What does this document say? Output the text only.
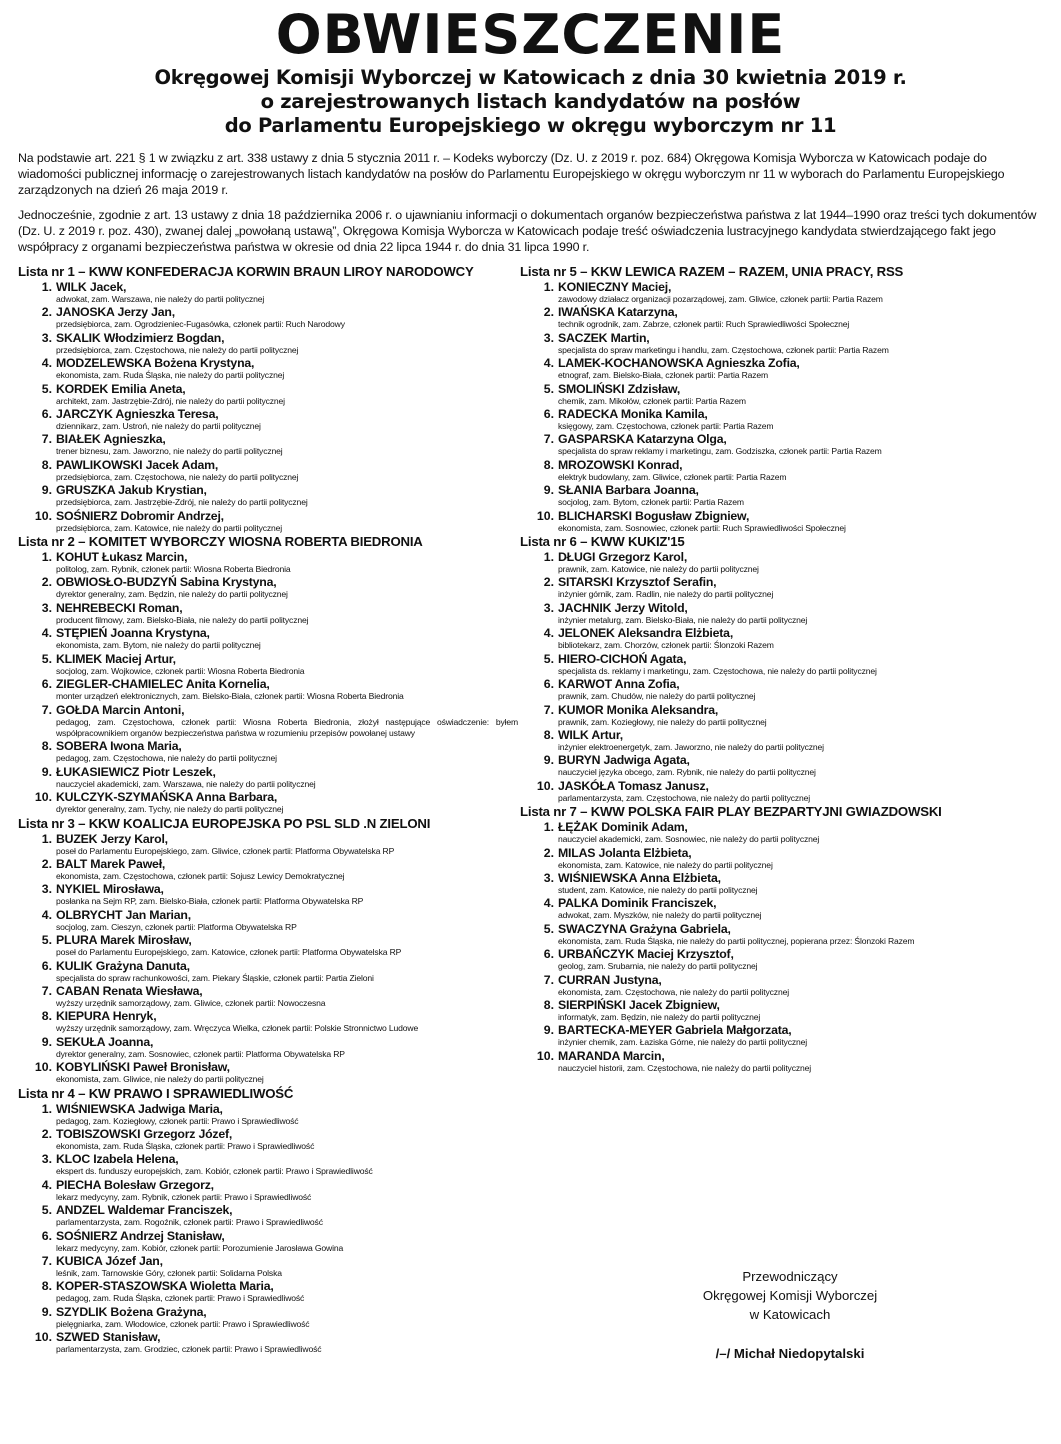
OBWIESZCZENIE
Okręgowej Komisji Wyborczej w Katowicach z dnia 30 kwietnia 2019 r.
o zarejestrowanych listach kandydatów na posłów
do Parlamentu Europejskiego w okręgu wyborczym nr 11
Na podstawie art. 221 § 1 w związku z art. 338 ustawy z dnia 5 stycznia 2011 r. – Kodeks wyborczy (Dz. U. z 2019 r. poz. 684) Okręgowa Komisja Wyborcza w Katowicach podaje do wiadomości publicznej informację o zarejestrowanych listach kandydatów na posłów do Parlamentu Europejskiego w okręgu wyborczym nr 11 w wyborach do Parlamentu Europejskiego zarządzonych na dzień 26 maja 2019 r.
Jednocześnie, zgodnie z art. 13 ustawy z dnia 18 października 2006 r. o ujawnianiu informacji o dokumentach organów bezpieczeństwa państwa z lat 1944–1990 oraz treści tych dokumentów (Dz. U. z 2019 r. poz. 430), zwanej dalej „powołaną ustawą”, Okręgowa Komisja Wyborcza w Katowicach podaje treść oświadczenia lustracyjnego kandydata stwierdzającego fakt jego współpracy z organami bezpieczeństwa państwa w okresie od dnia 22 lipca 1944 r. do dnia 31 lipca 1990 r.
Lista nr 1 – KWW KONFEDERACJA KORWIN BRAUN LIROY NARODOWCY
1. WILK Jacek,
adwokat, zam. Warszawa, nie należy do partii politycznej
2. JANOSKA Jerzy Jan,
przedsiębiorca, zam. Ogrodzieniec-Fugasówka, członek partii: Ruch Narodowy
3. SKALIK Włodzimierz Bogdan,
przedsiębiorca, zam. Częstochowa, nie należy do partii politycznej
4. MODZELEWSKA Bożena Krystyna,
ekonomista, zam. Ruda Śląska, nie należy do partii politycznej
5. KORDEK Emilia Aneta,
architekt, zam. Jastrzębie-Zdrój, nie należy do partii politycznej
6. JARCZYK Agnieszka Teresa,
dziennikarz, zam. Ustroń, nie należy do partii politycznej
7. BIAŁEK Agnieszka,
trener biznesu, zam. Jaworzno, nie należy do partii politycznej
8. PAWLIKOWSKI Jacek Adam,
przedsiębiorca, zam. Częstochowa, nie należy do partii politycznej
9. GRUSZKA Jakub Krystian,
przedsiębiorca, zam. Jastrzębie-Zdrój, nie należy do partii politycznej
10. SOŚNIERZ Dobromir Andrzej,
przedsiębiorca, zam. Katowice, nie należy do partii politycznej
Lista nr 2 – KOMITET WYBORCZY WIOSNA ROBERTA BIEDRONIA
1. KOHUT Łukasz Marcin,
politolog, zam. Rybnik, członek partii: Wiosna Roberta Biedronia
2. OBWIOSŁO-BUDZYŃ Sabina Krystyna,
dyrektor generalny, zam. Będzin, nie należy do partii politycznej
3. NEHREBECKI Roman,
producent filmowy, zam. Bielsko-Biała, nie należy do partii politycznej
4. STĘPIEŃ Joanna Krystyna,
ekonomista, zam. Bytom, nie należy do partii politycznej
5. KLIMEK Maciej Artur,
socjolog, zam. Wojkowice, członek partii: Wiosna Roberta Biedronia
6. ZIEGLER-CHAMIELEC Anita Kornelia,
monter urządzeń elektronicznych, zam. Bielsko-Biała, członek partii: Wiosna Roberta Biedronia
7. GOŁDA Marcin Antoni,
pedagog, zam. Częstochowa, członek partii: Wiosna Roberta Biedronia, złożył następujące oświadczenie: byłem współpracownikiem organów bezpieczeństwa państwa w rozumieniu przepisów powołanej ustawy
8. SOBERA Iwona Maria,
pedagog, zam. Częstochowa, nie należy do partii politycznej
9. ŁUKASIEWICZ Piotr Leszek,
nauczyciel akademicki, zam. Warszawa, nie należy do partii politycznej
10. KULCZYK-SZYMAŃSKA Anna Barbara,
dyrektor generalny, zam. Tychy, nie należy do partii politycznej
Lista nr 3 – KKW KOALICJA EUROPEJSKA PO PSL SLD .N ZIELONI
1. BUZEK Jerzy Karol,
poseł do Parlamentu Europejskiego, zam. Gliwice, członek partii: Platforma Obywatelska RP
2. BALT Marek Paweł,
ekonomista, zam. Częstochowa, członek partii: Sojusz Lewicy Demokratycznej
3. NYKIEL Mirosława,
posłanka na Sejm RP, zam. Bielsko-Biała, członek partii: Platforma Obywatelska RP
4. OLBRYCHT Jan Marian,
socjolog, zam. Cieszyn, członek partii: Platforma Obywatelska RP
5. PLURA Marek Mirosław,
poseł do Parlamentu Europejskiego, zam. Katowice, członek partii: Platforma Obywatelska RP
6. KULIK Grażyna Danuta,
specjalista do spraw rachunkowości, zam. Piekary Śląskie, członek partii: Partia Zieloni
7. CABAN Renata Wiesława,
wyższy urzędnik samorządowy, zam. Gliwice, członek partii: Nowoczesna
8. KIEPURA Henryk,
wyższy urzędnik samorządowy, zam. Wręczyca Wielka, członek partii: Polskie Stronnictwo Ludowe
9. SEKUŁA Joanna,
dyrektor generalny, zam. Sosnowiec, członek partii: Platforma Obywatelska RP
10. KOBYLIŃSKI Paweł Bronisław,
ekonomista, zam. Gliwice, nie należy do partii politycznej
Lista nr 4 – KW PRAWO I SPRAWIEDLIWOŚĆ
1. WIŚNIEWSKA Jadwiga Maria,
pedagog, zam. Koziegłowy, członek partii: Prawo i Sprawiedliwość
2. TOBISZOWSKI Grzegorz Józef,
ekonomista, zam. Ruda Śląska, członek partii: Prawo i Sprawiedliwość
3. KLOC Izabela Helena,
ekspert ds. funduszy europejskich, zam. Kobiór, członek partii: Prawo i Sprawiedliwość
4. PIECHA Bolesław Grzegorz,
lekarz medycyny, zam. Rybnik, członek partii: Prawo i Sprawiedliwość
5. ANDZEL Waldemar Franciszek,
parlamentarzysta, zam. Rogoźnik, członek partii: Prawo i Sprawiedliwość
6. SOŚNIERZ Andrzej Stanisław,
lekarz medycyny, zam. Kobiór, członek partii: Porozumienie Jarosława Gowina
7. KUBICA Józef Jan,
leśnik, zam. Tarnowskie Góry, członek partii: Solidarna Polska
8. KOPER-STASZOWSKA Wioletta Maria,
pedagog, zam. Ruda Śląska, członek partii: Prawo i Sprawiedliwość
9. SZYDLIK Bożena Grażyna,
pielęgniarka, zam. Włodowice, członek partii: Prawo i Sprawiedliwość
10. SZWED Stanisław,
parlamentarzysta, zam. Grodziec, członek partii: Prawo i Sprawiedliwość
Lista nr 5 – KKW LEWICA RAZEM – RAZEM, UNIA PRACY, RSS
1. KONIECZNY Maciej,
zawodowy działacz organizacji pozarządowej, zam. Gliwice, członek partii: Partia Razem
2. IWAŃSKA Katarzyna,
technik ogrodnik, zam. Zabrze, członek partii: Ruch Sprawiedliwości Społecznej
3. SACZEK Martin,
specjalista do spraw marketingu i handlu, zam. Częstochowa, członek partii: Partia Razem
4. LAMEK-KOCHANOWSKA Agnieszka Zofia,
etnograf, zam. Bielsko-Biała, członek partii: Partia Razem
5. SMOLIŃSKI Zdzisław,
chemik, zam. Mikołów, członek partii: Partia Razem
6. RADECKA Monika Kamila,
księgowy, zam. Częstochowa, członek partii: Partia Razem
7. GASPARSKA Katarzyna Olga,
specjalista do spraw reklamy i marketingu, zam. Godziszka, członek partii: Partia Razem
8. MROZOWSKI Konrad,
elektryk budowlany, zam. Gliwice, członek partii: Partia Razem
9. SŁANIA Barbara Joanna,
socjolog, zam. Bytom, członek partii: Partia Razem
10. BLICHARSKI Bogusław Zbigniew,
ekonomista, zam. Sosnowiec, członek partii: Ruch Sprawiedliwości Społecznej
Lista nr 6 – KWW KUKIZ'15
1. DŁUGI Grzegorz Karol,
prawnik, zam. Katowice, nie należy do partii politycznej
2. SITARSKI Krzysztof Serafin,
inżynier górnik, zam. Radlin, nie należy do partii politycznej
3. JACHNIK Jerzy Witold,
inżynier metalurg, zam. Bielsko-Biała, nie należy do partii politycznej
4. JELONEK Aleksandra Elżbieta,
bibliotekarz, zam. Chorzów, członek partii: Ślonzoki Razem
5. HIERO-CICHOŃ Agata,
specjalista ds. reklamy i marketingu, zam. Częstochowa, nie należy do partii politycznej
6. KARWOT Anna Zofia,
prawnik, zam. Chudów, nie należy do partii politycznej
7. KUMOR Monika Aleksandra,
prawnik, zam. Koziegłowy, nie należy do partii politycznej
8. WILK Artur,
inżynier elektroenergetyk, zam. Jaworzno, nie należy do partii politycznej
9. BURYN Jadwiga Agata,
nauczyciel języka obcego, zam. Rybnik, nie należy do partii politycznej
10. JASKÓŁA Tomasz Janusz,
parlamentarzysta, zam. Częstochowa, nie należy do partii politycznej
Lista nr 7 – KWW POLSKA FAIR PLAY BEZPARTYJNI GWIAZDOWSKI
1. ŁĘŻAK Dominik Adam,
nauczyciel akademicki, zam. Sosnowiec, nie należy do partii politycznej
2. MILAS Jolanta Elżbieta,
ekonomista, zam. Katowice, nie należy do partii politycznej
3. WIŚNIEWSKA Anna Elżbieta,
student, zam. Katowice, nie należy do partii politycznej
4. PALKA Dominik Franciszek,
adwokat, zam. Myszków, nie należy do partii politycznej
5. SWACZYNA Grażyna Gabriela,
ekonomista, zam. Ruda Śląska, nie należy do partii politycznej, popierana przez: Ślonzoki Razem
6. URBAŃCZYK Maciej Krzysztof,
geolog, zam. Srubarnia, nie należy do partii politycznej
7. CURRAN Justyna,
ekonomista, zam. Częstochowa, nie należy do partii politycznej
8. SIERPIŃSKI Jacek Zbigniew,
informatyk, zam. Będzin, nie należy do partii politycznej
9. BARTECKA-MEYER Gabriela Małgorzata,
inżynier chemik, zam. Łaziska Górne, nie należy do partii politycznej
10. MARANDA Marcin,
nauczyciel historii, zam. Częstochowa, nie należy do partii politycznej
Przewodniczący
Okręgowej Komisji Wyborczej
w Katowicach
/–/ Michał Niedopytalski
